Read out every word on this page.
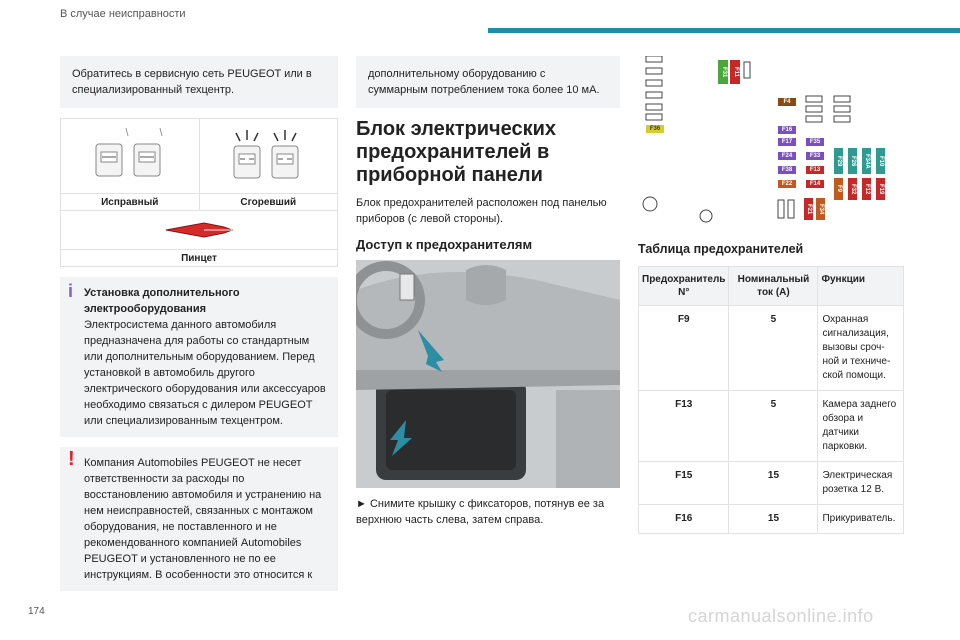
В случае неисправности
Обратитесь в сервисную сеть PEUGEOT или в специализированный техцентр.

Исправный	Сгоревший

Пинцет	
i Установка дополнительного электрооборудования
Электросистема данного автомобиля предназначена для работы со стандартным или дополнительным оборудованием. Перед установкой в автомобиль другого электрического оборудования или аксессуаров необходимо связаться с дилером PEUGEOT или специализированным техцентром.
! Компания Automobiles PEUGEOT не несет ответственности за расходы по восстановлению автомобиля и устранению на нем неисправностей, связанных с монтажом оборудования, не поставленного и не рекомендованного компанией Automobiles PEUGEOT и установленного не по ее инструкциям. В особенности это относится к
дополнительному оборудованию с суммарным потреблением тока более 10 мА.
Блок электрических предохранителей в приборной панели
Блок предохранителей расположен под панелью приборов (с левой стороны).
Доступ к предохранителям
► Снимите крышку с фиксаторов, потянув ее за верхнюю часть слева, затем справа.
F36
F31	F11
F4
F16
F17
F24
F38
F22
F35
F33
F13
F14
F21	F34
F29	F26	F34A	F10
F32	F12
F9	F19
Таблица предохранителей
Предохранитель N°	Номинальный ток (A)	Функции
F9	5	Охранная сигнализация, вызовы сроч-ной и техниче-ской помощи.
F13	5	Камера заднего обзора и датчики парковки.
F15	15	Электрическая розетка 12 В.
F16	15	Прикуриватель.
174	carmanualsonline.info
